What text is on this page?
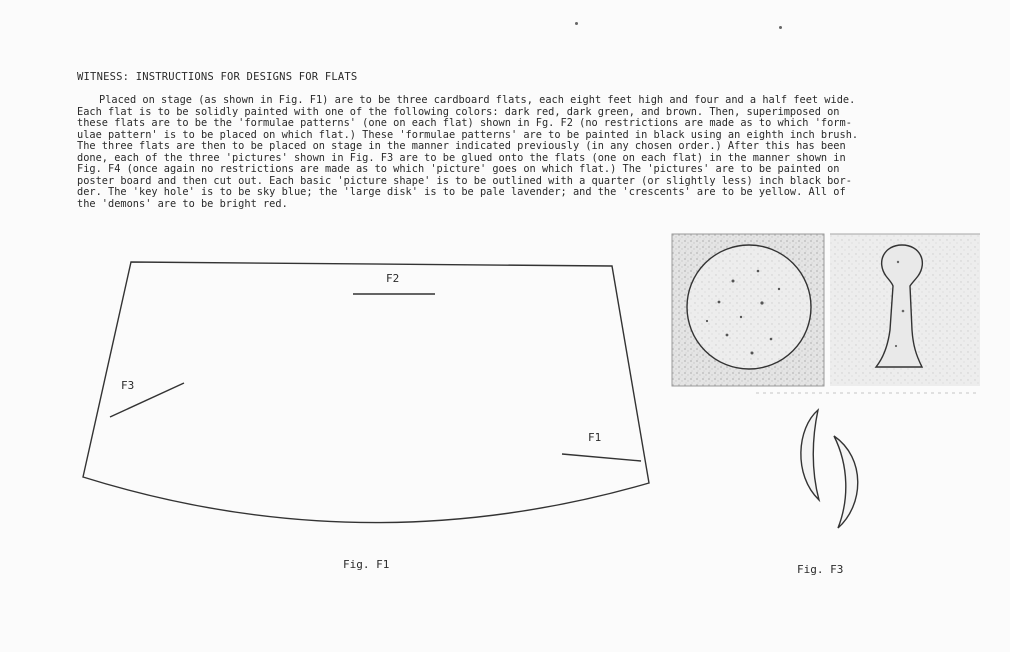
WITNESS: INSTRUCTIONS FOR DESIGNS FOR FLATS
Placed on stage (as shown in Fig. F1) are to be three cardboard flats, each eight feet high and four and a half feet wide.
Each flat is to be solidly painted with one of the following colors: dark red, dark green, and brown. Then, superimposed on
these flats are to be the 'formulae patterns' (one on each flat) shown in Fg. F2 (no restrictions are made as to which 'form-
ulae pattern' is to be placed on which flat.) These 'formulae patterns' are to be painted in black using an eighth inch brush.
The three flats are then to be placed on stage in the manner indicated previously (in any chosen order.) After this has been
done, each of the three 'pictures' shown in Fig. F3 are to be glued onto the flats (one on each flat) in the manner shown in
Fig. F4 (once again no restrictions are made as to which 'picture' goes on which flat.) The 'pictures' are to be painted on
poster board and then cut out. Each basic 'picture shape' is to be outlined with a quarter (or slightly less) inch black bor-
der. The 'key hole' is to be sky blue; the 'large disk' is to be pale lavender; and the 'crescents' are to be yellow. All of
the 'demons' are to be bright red.
F2
F3
F1
Fig. F1	Fig. F3
